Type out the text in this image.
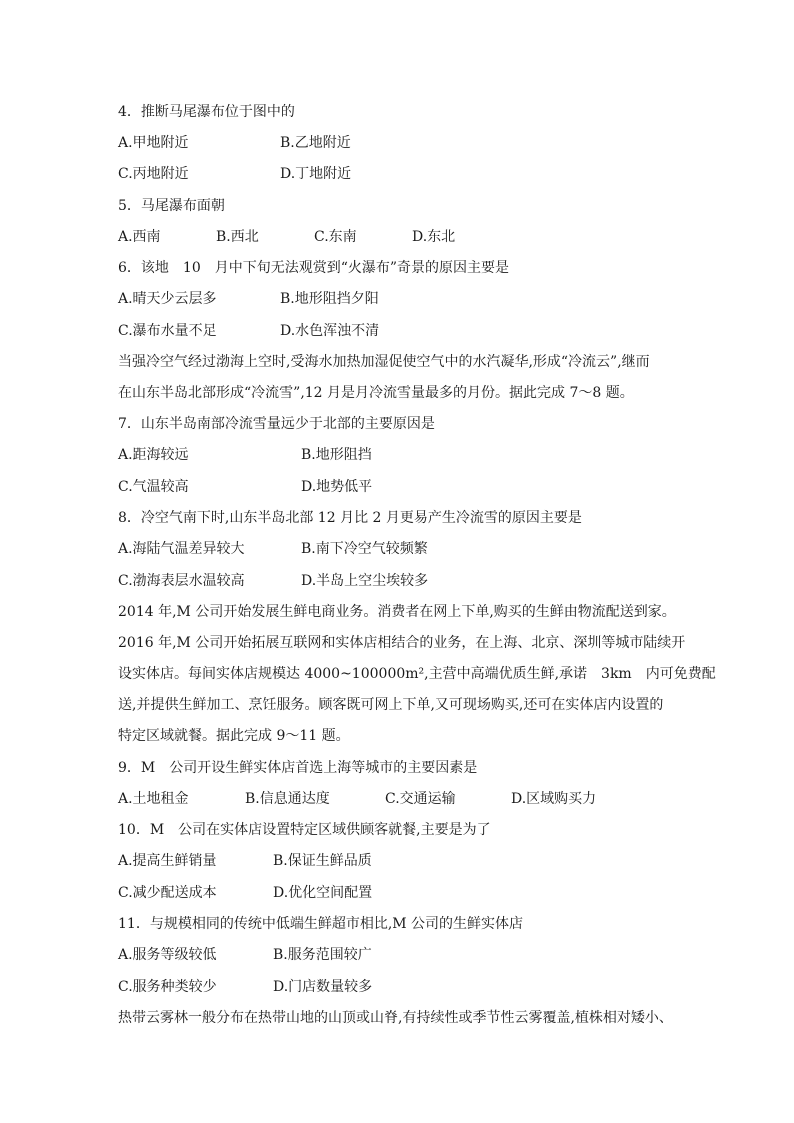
4．推断马尾瀑布位于图中的
A.甲地附近	B.乙地附近
C.丙地附近	D.丁地附近
5．马尾瀑布面朝
A.西南	B.西北	C.东南	D.东北
6．该地　10　月中下旬无法观赏到“火瀑布”奇景的原因主要是
A.晴天少云层多	B.地形阻挡夕阳
C.瀑布水量不足	D.水色浑浊不清
当强冷空气经过渤海上空时,受海水加热加湿促使空气中的水汽凝华,形成“冷流云”,继而
在山东半岛北部形成“冷流雪”,12 月是月冷流雪量最多的月份。据此完成 7～8 题。
7．山东半岛南部冷流雪量远少于北部的主要原因是
A.距海较远	B.地形阻挡
C.气温较高	D.地势低平
8．冷空气南下时,山东半岛北部 12 月比 2 月更易产生冷流雪的原因主要是
A.海陆气温差异较大	B.南下冷空气较频繁
C.渤海表层水温较高	D.半岛上空尘埃较多
2014 年,M 公司开始发展生鲜电商业务。消费者在网上下单,购买的生鲜由物流配送到家。
2016 年,M 公司开始拓展互联网和实体店相结合的业务，在上海、北京、深圳等城市陆续开
设实体店。每间实体店规模达 4000~100000m²,主营中高端优质生鲜,承诺　3km　内可免费配
送,并提供生鲜加工、烹饪服务。顾客既可网上下单,又可现场购买,还可在实体店内设置的
特定区域就餐。据此完成 9～11 题。
9．M　公司开设生鲜实体店首选上海等城市的主要因素是
A.土地租金	B.信息通达度	C.交通运输	D.区域购买力
10．M　公司在实体店设置特定区域供顾客就餐,主要是为了
A.提高生鲜销量	B.保证生鲜品质
C.减少配送成本	D.优化空间配置
11．与规模相同的传统中低端生鲜超市相比,M 公司的生鲜实体店
A.服务等级较低	B.服务范围较广
C.服务种类较少	D.门店数量较多
热带云雾林一般分布在热带山地的山顶或山脊,有持续性或季节性云雾覆盖,植株相对矮小、
